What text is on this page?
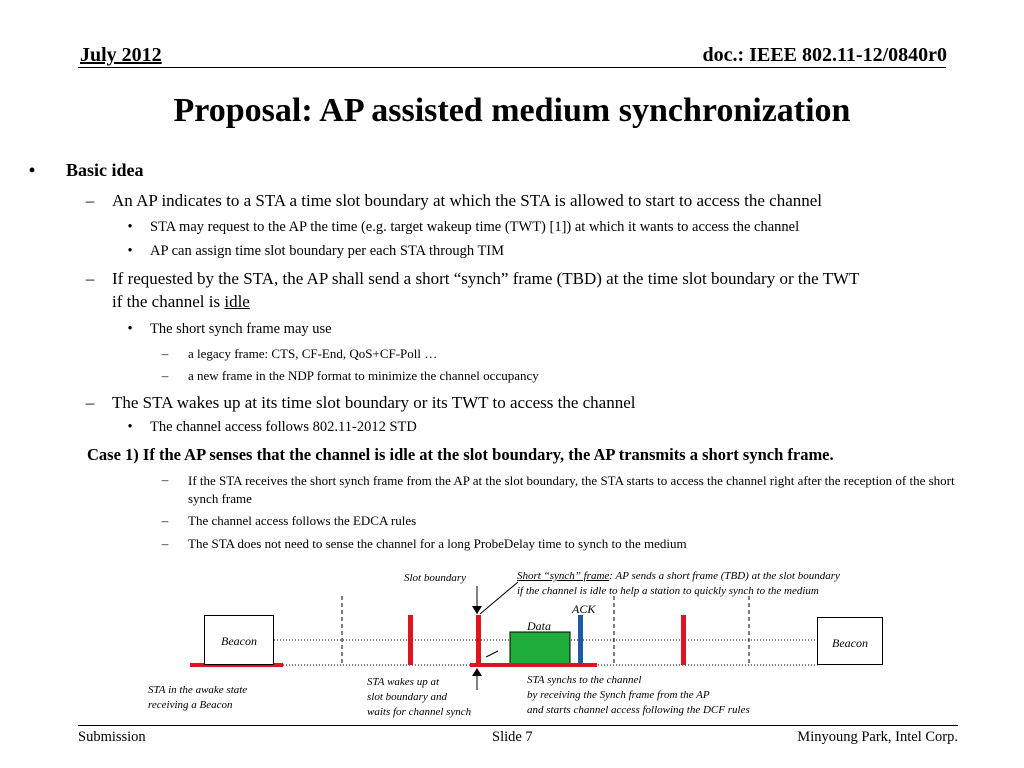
July 2012	doc.: IEEE 802.11-12/0840r0
Proposal: AP assisted medium synchronization
•	Basic idea
–	An AP indicates to a STA a time slot boundary at which the STA is allowed to start to access the channel
•	STA may request to the AP the time (e.g. target wakeup time (TWT) [1]) at which it wants to access the channel
•	AP can assign time slot boundary per each STA through TIM
–	If requested by the STA, the AP shall send a short “synch” frame (TBD) at the time slot boundary or the TWT
if the channel is idle
•	The short synch frame may use
–	a legacy frame: CTS, CF-End, QoS+CF-Poll …
–	a new frame in the NDP format to minimize the channel occupancy
–	The STA wakes up at its time slot boundary or its TWT to access the channel
•	The channel access follows 802.11-2012 STD
Case 1) If the AP senses that the channel is idle at the slot boundary, the AP transmits a short synch frame.
–	If the STA receives the short synch frame from the AP at the slot boundary, the STA starts to access the channel right after the reception of the short synch frame
–	The channel access follows the EDCA rules
–	The STA does not need to sense the channel for a long ProbeDelay time to synch to the medium
Beacon	Beacon
Slot boundary	Short “synch” frame: AP sends a short frame (TBD) at the slot boundary
if the channel is idle to help a station to quickly synch to the medium
ACK
Data
STA in the awake state
receiving a Beacon
STA wakes up at
slot boundary and
waits for channel synch
STA synchs to the channel
by receiving the Synch frame from the AP
and starts channel access following the DCF rules
Submission	Slide 7	Minyoung Park, Intel Corp.
